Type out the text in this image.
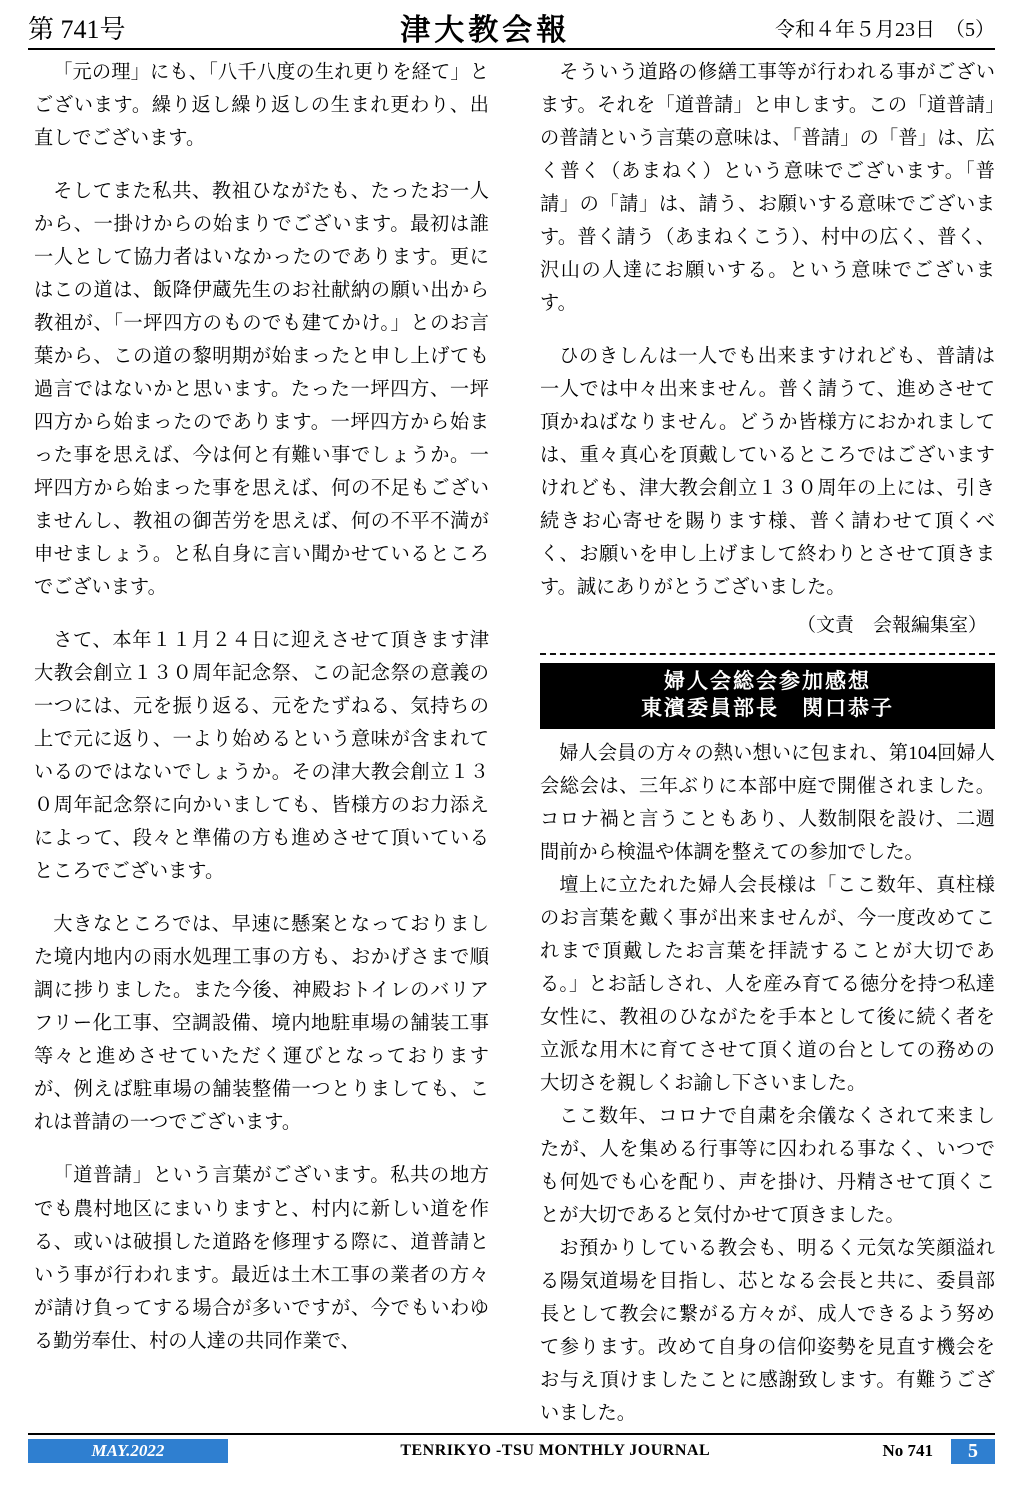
第 741号	津大教会報	令和４年５月23日　（5）

「元の理」にも、「八千八度の生れ更りを経て」とございます。繰り返し繰り返しの生まれ更わり、出直しでございます。

そしてまた私共、教祖ひながたも、たったお一人から、一掛けからの始まりでございます。最初は誰一人として協力者はいなかったのであります。更にはこの道は、飯降伊蔵先生のお社献納の願い出から教祖が、「一坪四方のものでも建てかけ。」とのお言葉から、この道の黎明期が始まったと申し上げても過言ではないかと思います。たった一坪四方、一坪四方から始まったのであります。一坪四方から始まった事を思えば、今は何と有難い事でしょうか。一坪四方から始まった事を思えば、何の不足もございませんし、教祖の御苦労を思えば、何の不平不満が申せましょう。と私自身に言い聞かせているところでございます。

さて、本年１１月２４日に迎えさせて頂きます津大教会創立１３０周年記念祭、この記念祭の意義の一つには、元を振り返る、元をたずねる、気持ちの上で元に返り、一より始めるという意味が含まれているのではないでしょうか。その津大教会創立１３０周年記念祭に向かいましても、皆様方のお力添えによって、段々と準備の方も進めさせて頂いているところでございます。

大きなところでは、早速に懸案となっておりました境内地内の雨水処理工事の方も、おかげさまで順調に捗りました。また今後、神殿おトイレのバリアフリー化工事、空調設備、境内地駐車場の舗装工事等々と進めさせていただく運びとなっておりますが、例えば駐車場の舗装整備一つとりましても、これは普請の一つでございます。

「道普請」という言葉がございます。私共の地方でも農村地区にまいりますと、村内に新しい道を作る、或いは破損した道路を修理する際に、道普請という事が行われます。最近は土木工事の業者の方々が請け負ってする場合が多いですが、今でもいわゆる勤労奉仕、村の人達の共同作業で、

そういう道路の修繕工事等が行われる事がございます。それを「道普請」と申します。この「道普請」の普請という言葉の意味は、「普請」の「普」は、広く普く（あまねく）という意味でございます。「普請」の「請」は、請う、お願いする意味でございます。普く請う（あまねくこう）、村中の広く、普く、沢山の人達にお願いする。という意味でございます。

ひのきしんは一人でも出来ますけれども、普請は一人では中々出来ません。普く請うて、進めさせて頂かねばなりません。どうか皆様方におかれましては、重々真心を頂戴しているところではございますけれども、津大教会創立１３０周年の上には、引き続きお心寄せを賜ります様、普く請わせて頂くべく、お願いを申し上げまして終わりとさせて頂きます。誠にありがとうございました。

（文責　会報編集室）
婦人会総会参加感想
東濱委員部長　関口恭子

婦人会員の方々の熱い想いに包まれ、第104回婦人会総会は、三年ぶりに本部中庭で開催されました。コロナ禍と言うこともあり、人数制限を設け、二週間前から検温や体調を整えての参加でした。

壇上に立たれた婦人会長様は「ここ数年、真柱様のお言葉を戴く事が出来ませんが、今一度改めてこれまで頂戴したお言葉を拝読することが大切である。」とお話しされ、人を産み育てる徳分を持つ私達女性に、教祖のひながたを手本として後に続く者を立派な用木に育てさせて頂く道の台としての務めの大切さを親しくお諭し下さいました。

ここ数年、コロナで自粛を余儀なくされて来ましたが、人を集める行事等に囚われる事なく、いつでも何処でも心を配り、声を掛け、丹精させて頂くことが大切であると気付かせて頂きました。

お預かりしている教会も、明るく元気な笑顔溢れる陽気道場を目指し、芯となる会長と共に、委員部長として教会に繋がる方々が、成人できるよう努めて参ります。改めて自身の信仰姿勢を見直す機会をお与え頂けましたことに感謝致します。有難うございました。

MAY.2022	TENRIKYO -TSU MONTHLY JOURNAL	No 741	5
